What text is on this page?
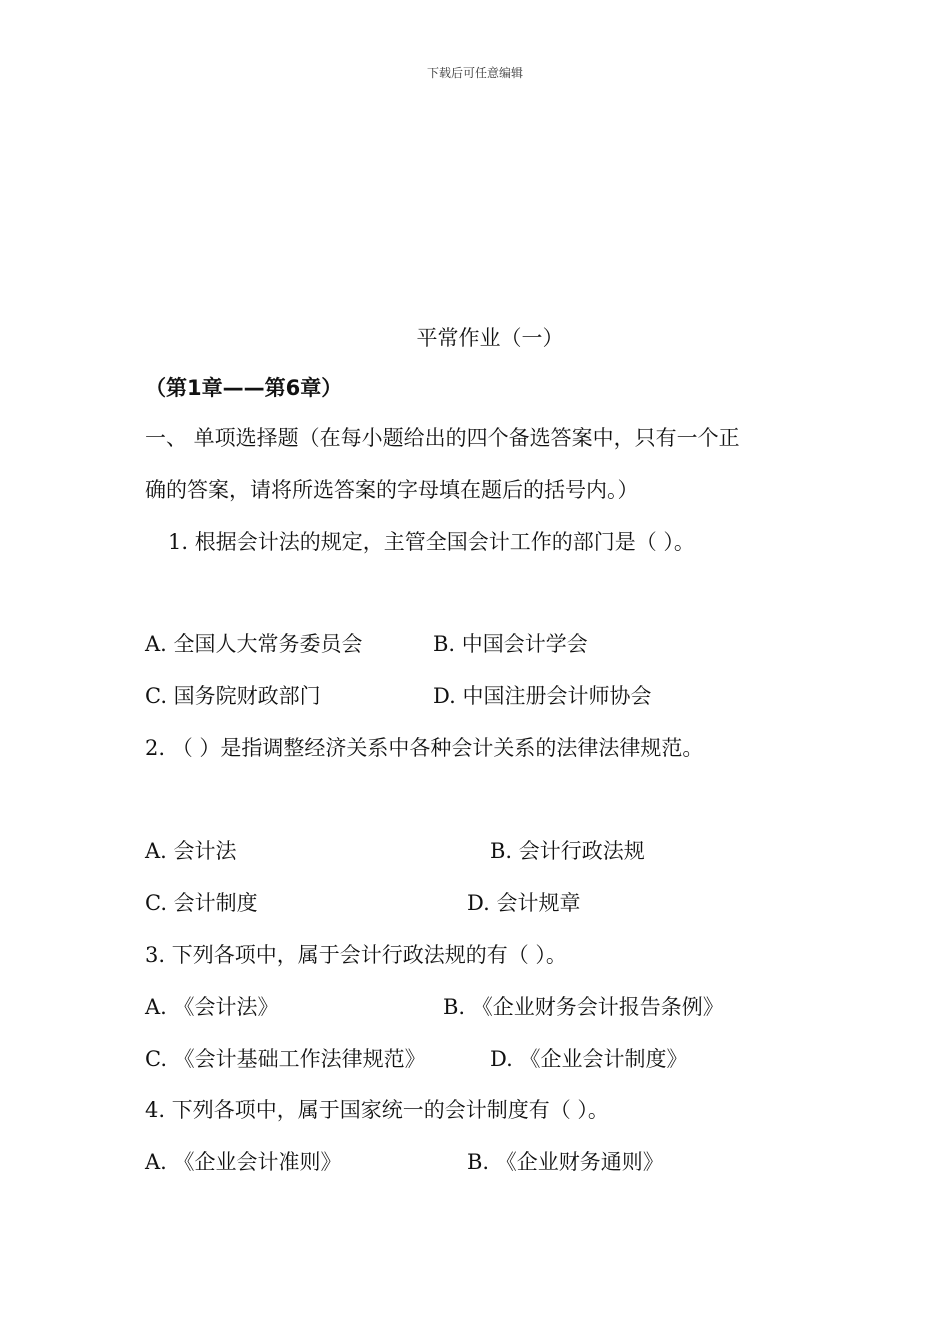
下载后可任意编辑
平常作业（一）
（第1章——第6章）
一、 单项选择题（在每小题给出的四个备选答案中，只有一个正
确的答案，请将所选答案的字母填在题后的括号内。）
1. 根据会计法的规定，主管全国会计工作的部门是（ ）。
A. 全国人大常务委员会	B. 中国会计学会
C. 国务院财政部门	D. 中国注册会计师协会
2. （ ）是指调整经济关系中各种会计关系的法律法律规范。
A. 会计法	B. 会计行政法规
C. 会计制度	D. 会计规章
3. 下列各项中，属于会计行政法规的有（ ）。
A. 《会计法》	B. 《企业财务会计报告条例》
C. 《会计基础工作法律规范》	D. 《企业会计制度》
4. 下列各项中，属于国家统一的会计制度有（ ）。
A. 《企业会计准则》	B. 《企业财务通则》
